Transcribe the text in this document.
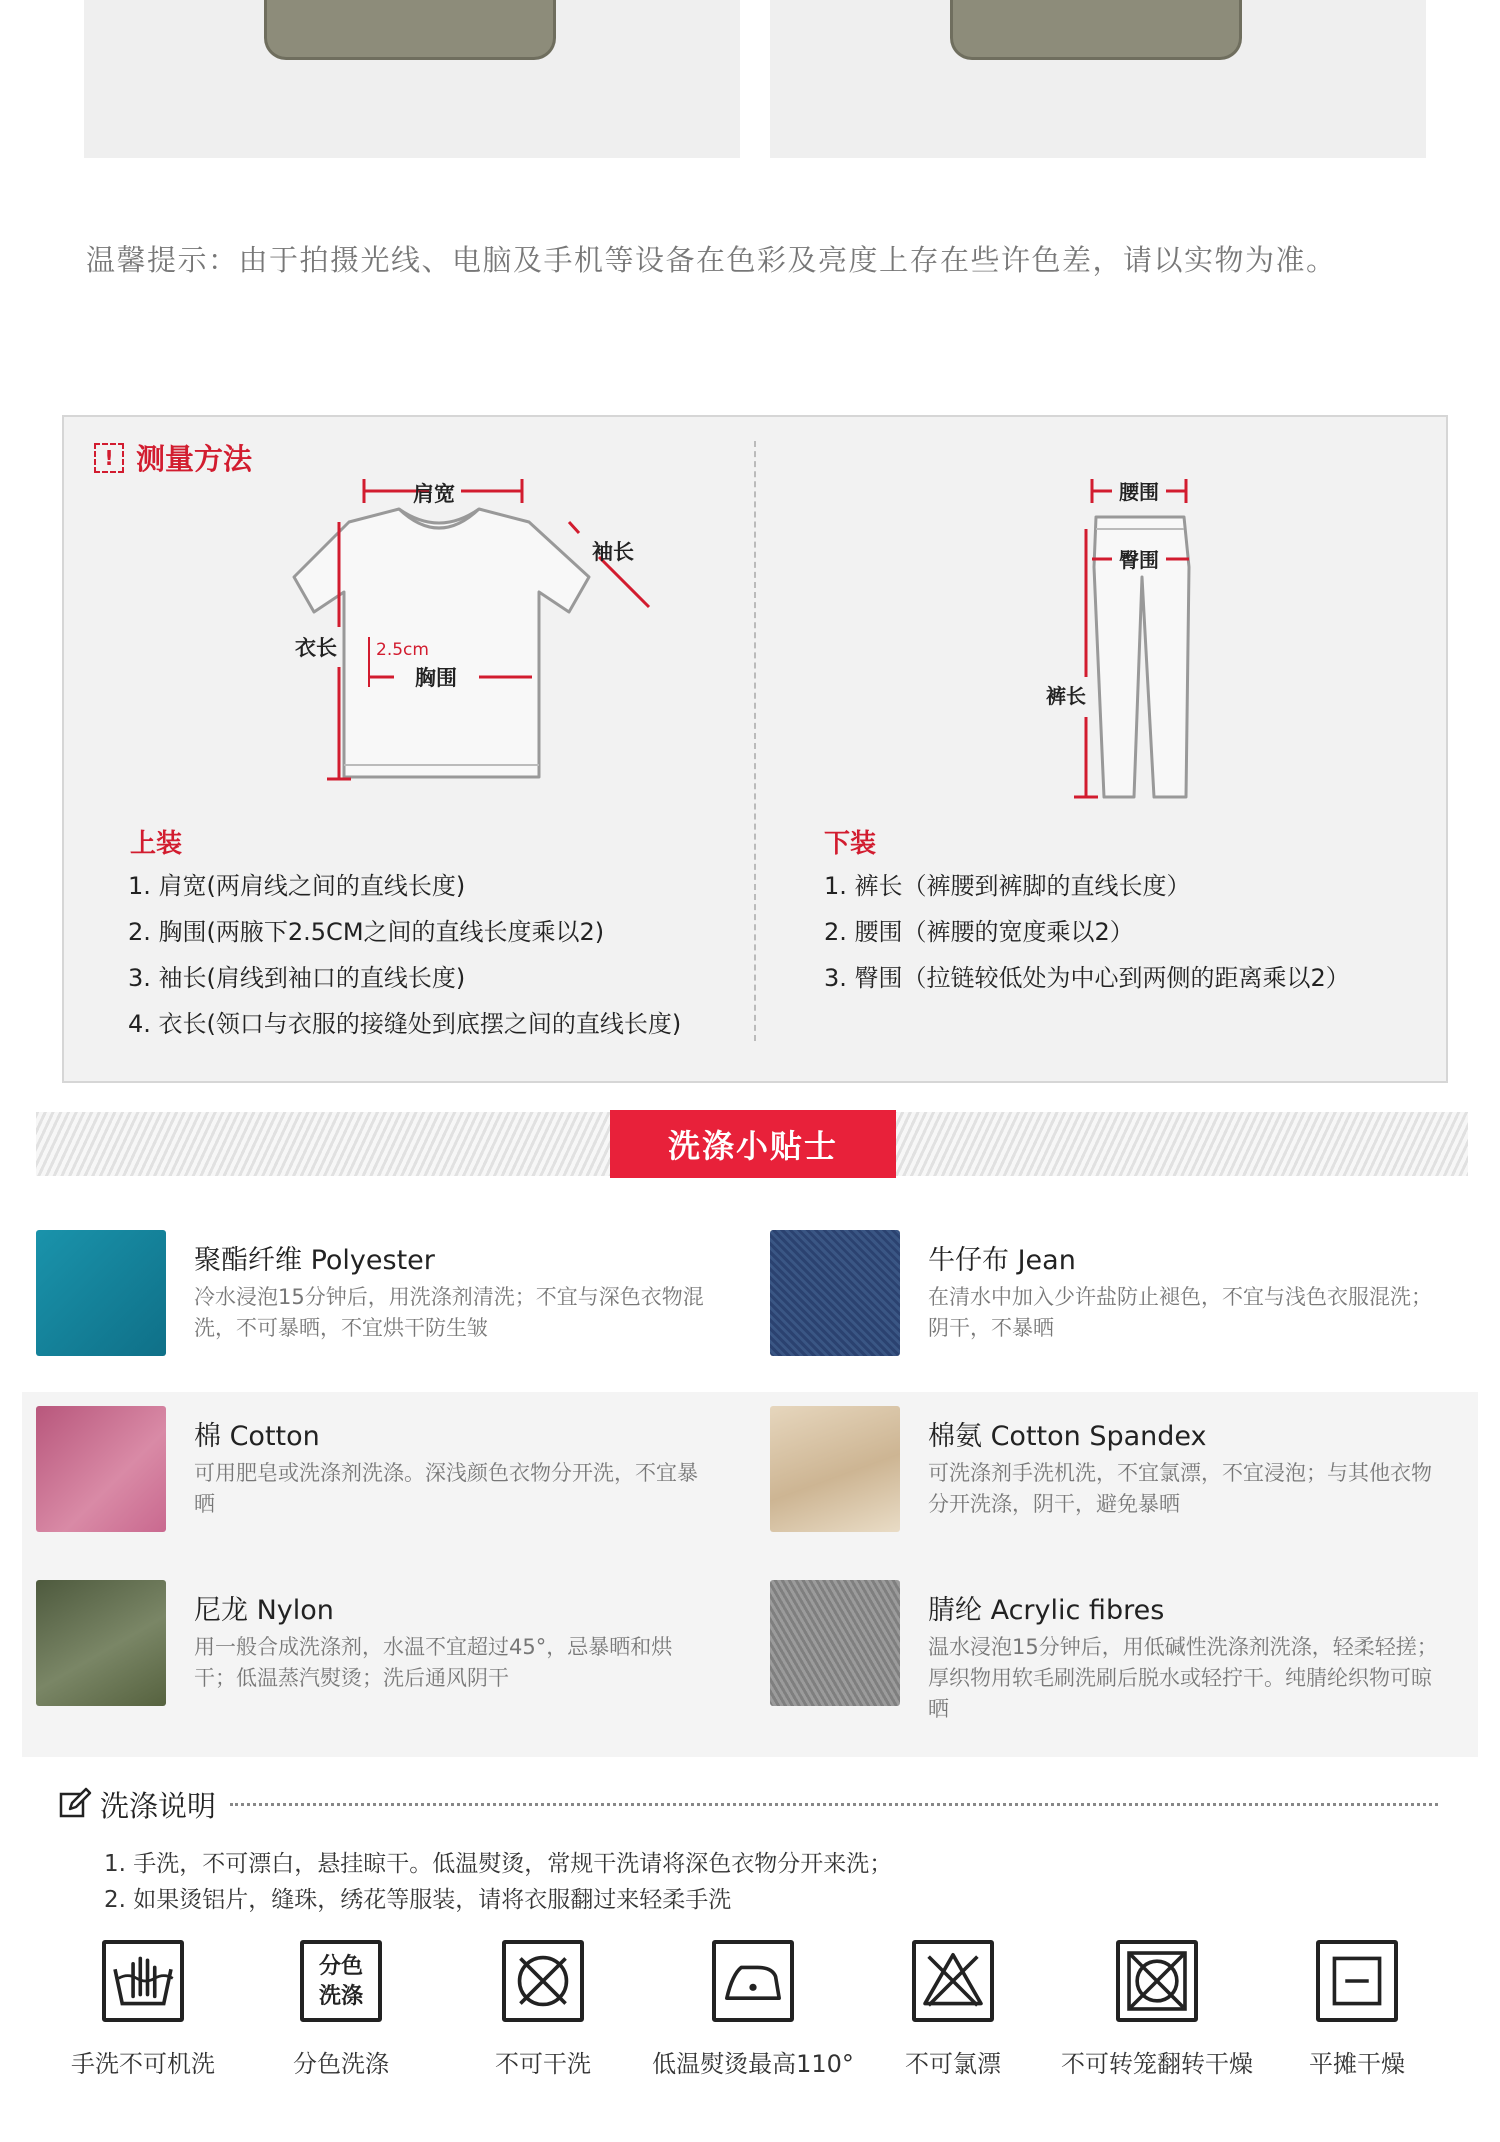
温馨提示：由于拍摄光线、电脑及手机等设备在色彩及亮度上存在些许色差，请以实物为准。
! 测量方法
肩宽
袖长
衣长
胸围
2.5cm
上装
1. 肩宽(两肩线之间的直线长度)
2. 胸围(两腋下2.5CM之间的直线长度乘以2)
3. 袖长(肩线到袖口的直线长度)
4. 衣长(领口与衣服的接缝处到底摆之间的直线长度)
腰围
臀围
裤长
下装
1. 裤长（裤腰到裤脚的直线长度）
2. 腰围（裤腰的宽度乘以2）
3. 臀围（拉链较低处为中心到两侧的距离乘以2）
洗涤小贴士
聚酯纤维 Polyester
冷水浸泡15分钟后，用洗涤剂清洗；不宜与深色衣物混洗，不可暴晒，不宜烘干防生皱
牛仔布 Jean
在清水中加入少许盐防止褪色，不宜与浅色衣服混洗；阴干，不暴晒
棉 Cotton
可用肥皂或洗涤剂洗涤。深浅颜色衣物分开洗，不宜暴晒
棉氨 Cotton Spandex
可洗涤剂手洗机洗，不宜氯漂，不宜浸泡；与其他衣物分开洗涤，阴干，避免暴晒
尼龙 Nylon
用一般合成洗涤剂，水温不宜超过45°，忌暴晒和烘干；低温蒸汽熨烫；洗后通风阴干
腈纶 Acrylic fibres
温水浸泡15分钟后，用低碱性洗涤剂洗涤，轻柔轻搓；厚织物用软毛刷洗刷后脱水或轻拧干。纯腈纶织物可晾晒
洗涤说明
1. 手洗，不可漂白，悬挂晾干。低温熨烫，常规干洗请将深色衣物分开来洗；
2. 如果烫铝片，缝珠，绣花等服装，请将衣服翻过来轻柔手洗
手洗不可机洗
分色洗涤
分色洗涤	不可干洗	低温熨烫最高110°	不可氯漂	不可转笼翻转干燥	平摊干燥
